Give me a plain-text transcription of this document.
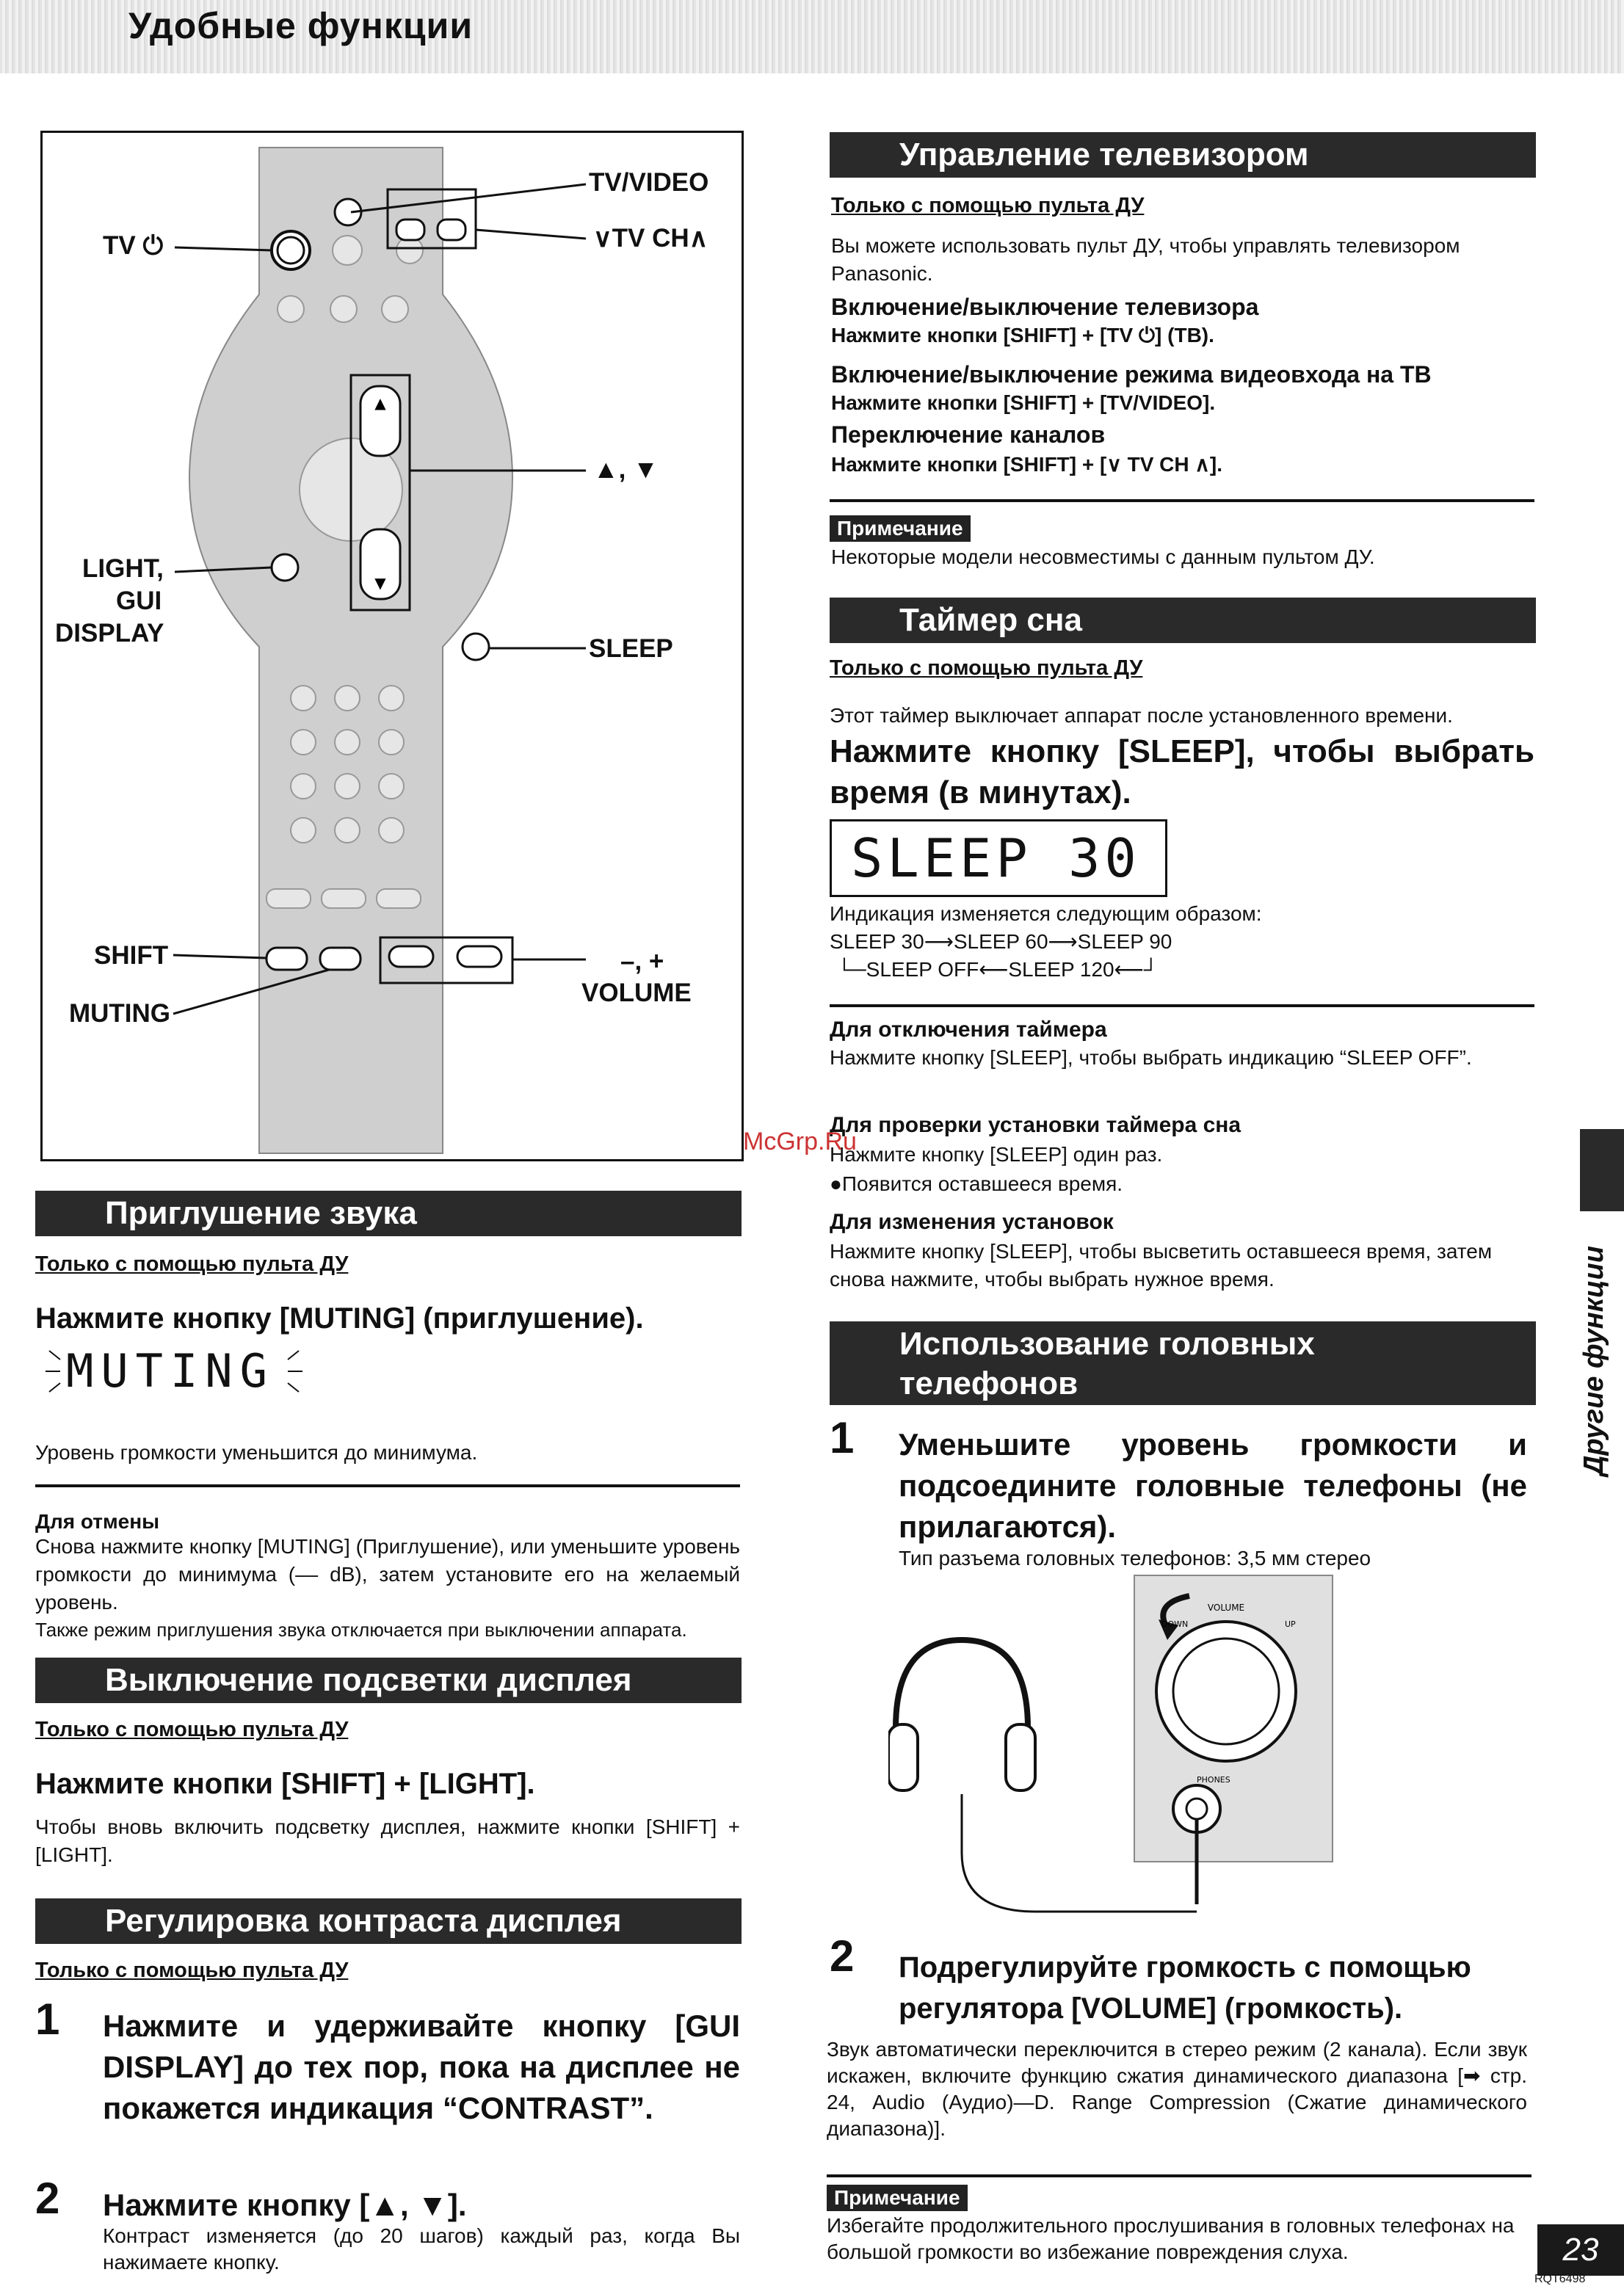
Удобные функции
▲
▼
TV ⏻
TV/VIDEO
∨TV CH∧
▲, ▼
LIGHT,
GUI
DISPLAY
SLEEP
SHIFT
MUTING
–, +
VOLUME
Приглушение звука
Только с помощью пульта ДУ
Нажмите кнопку [MUTING] (приглушение).
MUTING
Уровень громкости уменьшится до минимума.
Для отмены
Снова нажмите кнопку [MUTING] (Приглушение), или уменьшите уровень громкости до минимума (–– dB), затем установите его на желаемый уровень.
Также режим приглушения звука отключается при выключении аппарата.
Выключение подсветки дисплея
Только с помощью пульта ДУ
Нажмите кнопки [SHIFT] + [LIGHT].
Чтобы вновь включить подсветку дисплея, нажмите кнопки [SHIFT] + [LIGHT].
Регулировка контраста дисплея
Только с помощью пульта ДУ
1 Нажмите и удерживайте кнопку [GUI DISPLAY] до тех пор, пока на дисплее не покажется индикация “CONTRAST”.
2 Нажмите кнопку [▲, ▼].
Контраст изменяется (до 20 шагов) каждый раз, когда Вы нажимаете кнопку.
Управление телевизором
Только с помощью пульта ДУ
Вы можете использовать пульт ДУ, чтобы управлять телевизором Panasonic.
Включение/выключение телевизора
Нажмите кнопки [SHIFT] + [TV ⏻] (ТВ).
Включение/выключение режима видеовхода на ТВ
Нажмите кнопки [SHIFT] + [TV/VIDEO].
Переключение каналов
Нажмите кнопки [SHIFT] + [∨ TV CH ∧].
Примечание
Некоторые модели несовместимы с данным пультом ДУ.
Таймер сна
Только с помощью пульта ДУ
Этот таймер выключает аппарат после установленного времени.
Нажмите кнопку [SLEEP], чтобы выбрать время (в минутах).
SLEEP 30
Индикация изменяется следующим образом:
SLEEP 30⟶SLEEP 60⟶SLEEP 90
└─SLEEP OFF⟵SLEEP 120⟵┘
Для отключения таймера
Нажмите кнопку [SLEEP], чтобы выбрать индикацию “SLEEP OFF”.
Для проверки установки таймера сна
Нажмите кнопку [SLEEP] один раз.
●Появится оставшееся время.
Для изменения установок
Нажмите кнопку [SLEEP], чтобы высветить оставшееся время, затем снова нажмите, чтобы выбрать нужное время.
McGrp.Ru
Использование головных
телефонов
1 Уменьшите уровень громкости и подсоедините головные телефоны (не прилагаются).
Тип разъема головных телефонов: 3,5 мм стерео
VOLUME
DOWN	UP
PHONES
2 Подрегулируйте громкость с помощью регулятора [VOLUME] (громкость).
Звук автоматически переключится в стерео режим (2 канала). Если звук искажен, включите функцию сжатия динамического диапазона [➡ стр. 24, Audio (Аудио)—D. Range Compression (Сжатие динамического диапазона)].
Примечание
Избегайте продолжительного прослушивания в головных телефонах на большой громкости во избежание повреждения слуха.
Другие функции
23
RQT6498
